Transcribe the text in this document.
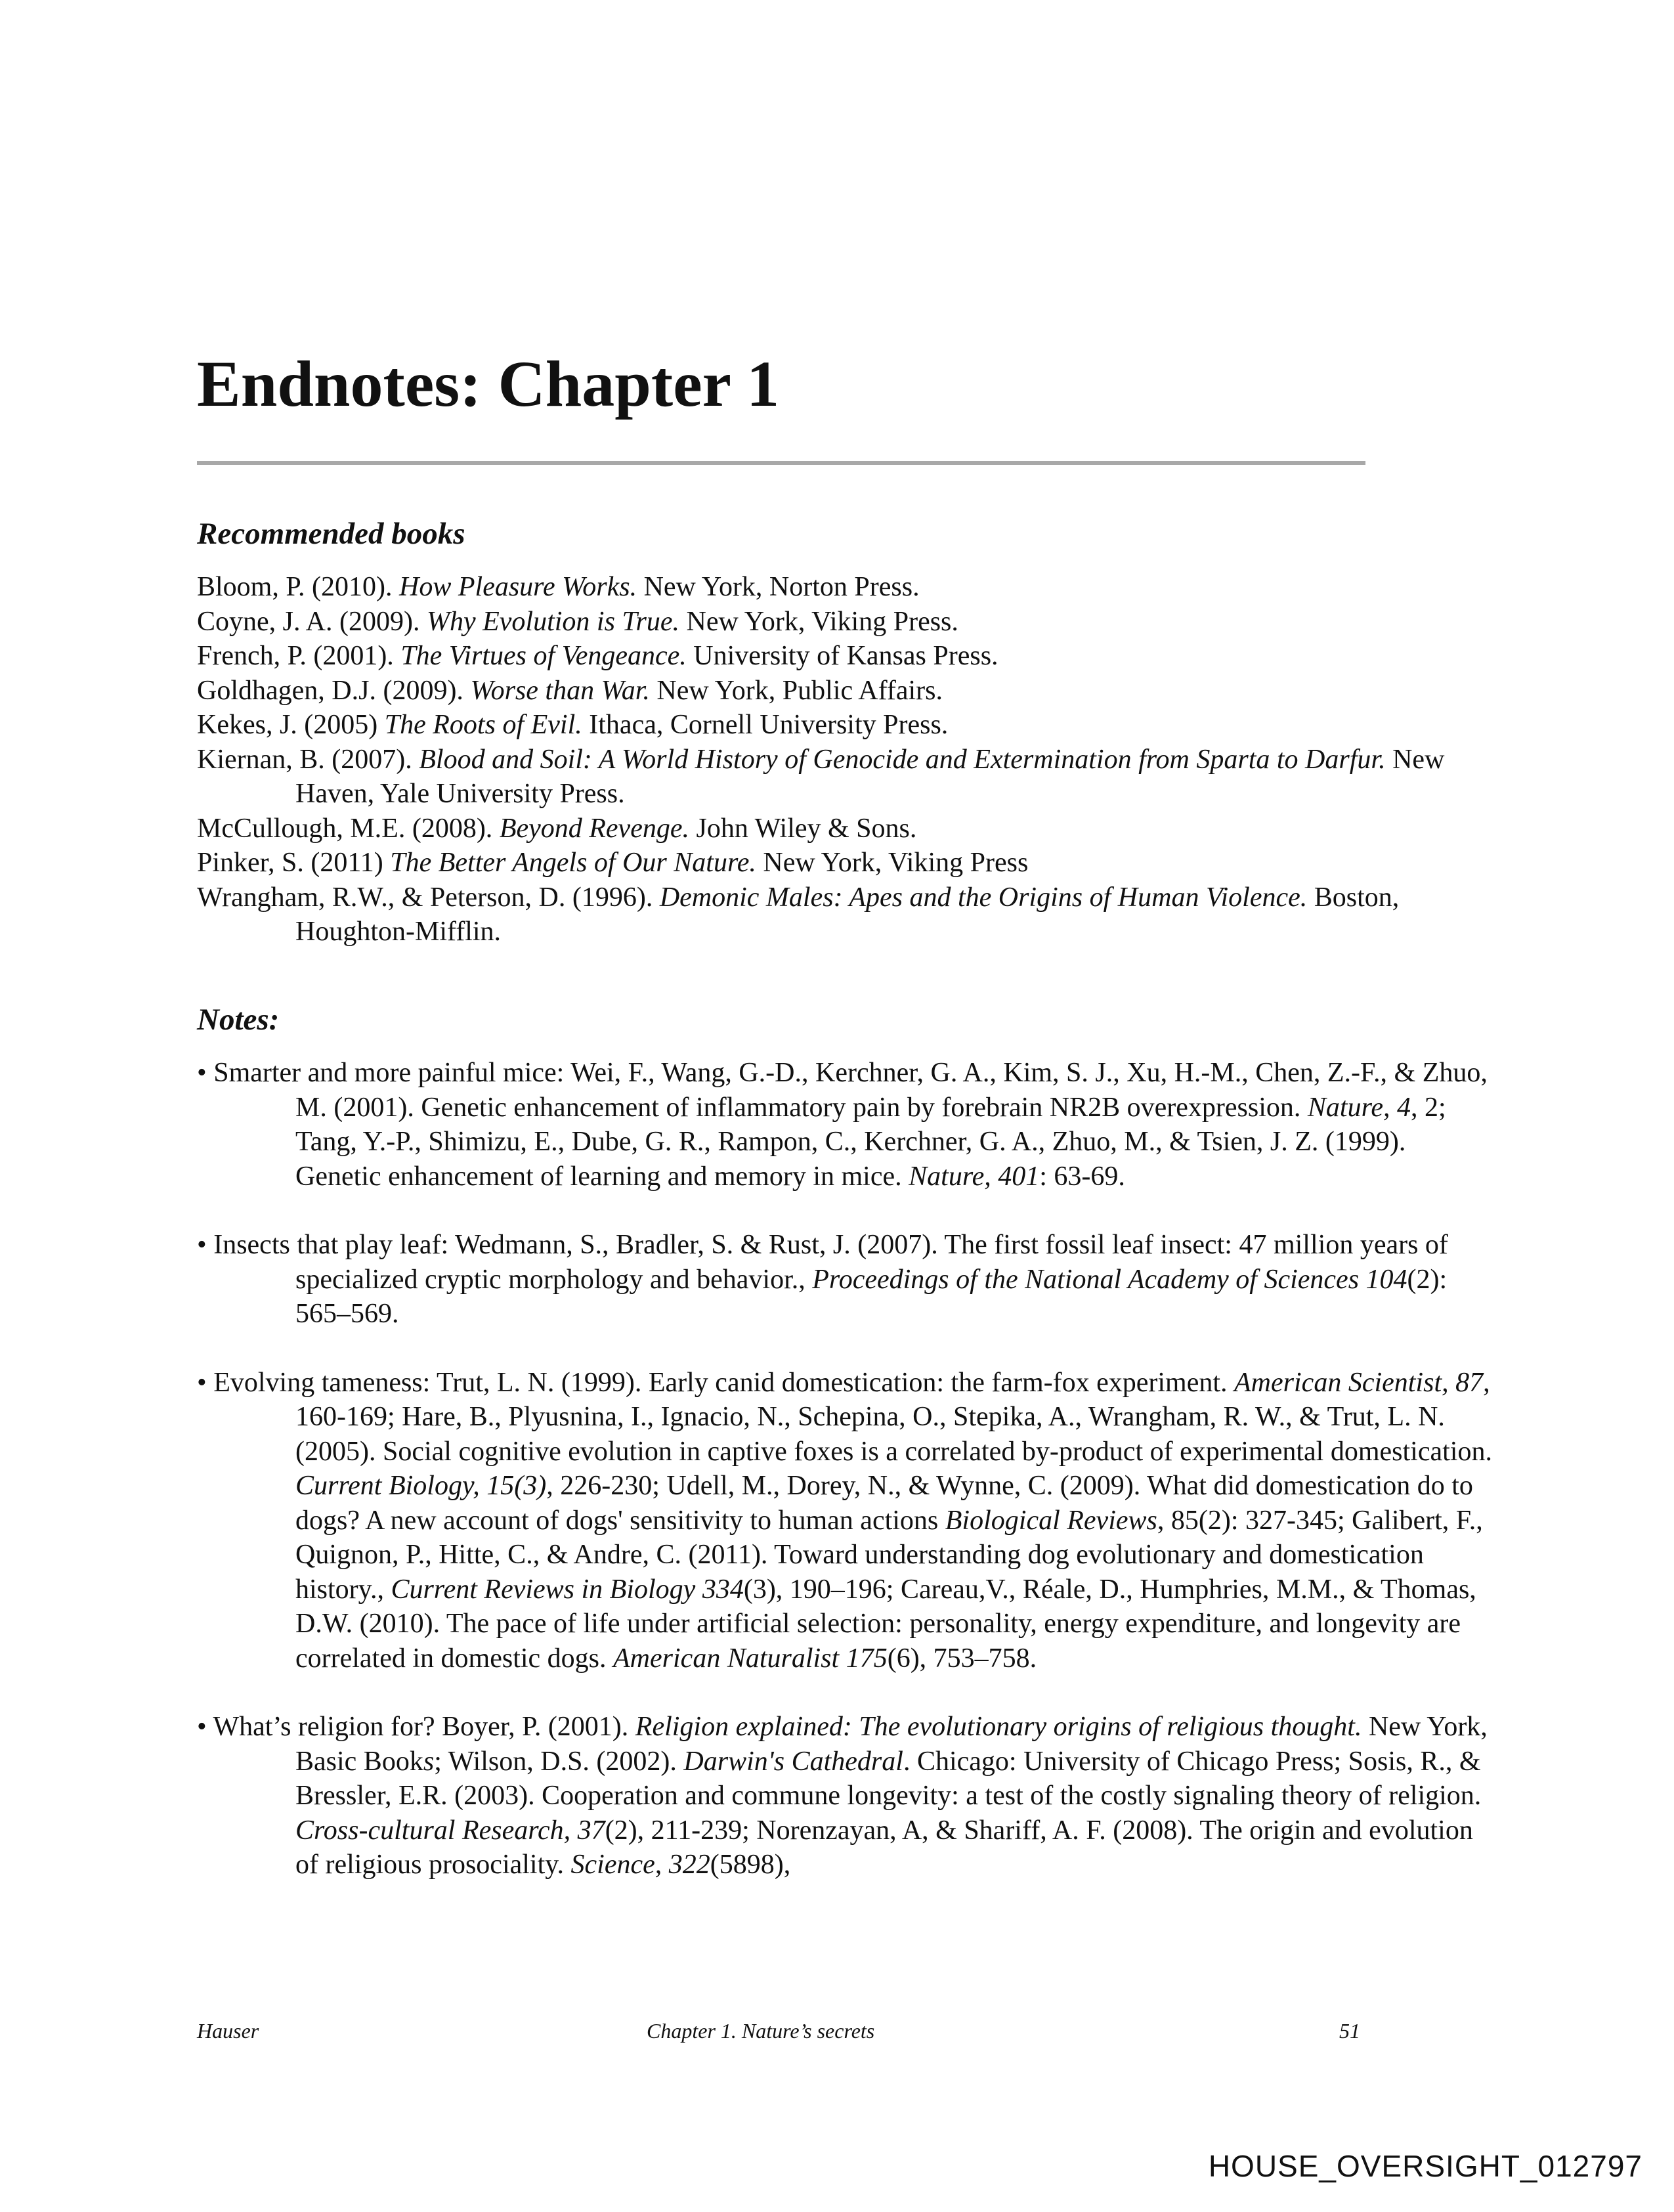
Endnotes: Chapter 1
Recommended books
Bloom, P. (2010). How Pleasure Works. New York, Norton Press.
Coyne, J. A. (2009). Why Evolution is True. New York, Viking Press.
French, P. (2001). The Virtues of Vengeance. University of Kansas Press.
Goldhagen, D.J. (2009). Worse than War. New York, Public Affairs.
Kekes, J. (2005) The Roots of Evil. Ithaca, Cornell University Press.
Kiernan, B. (2007). Blood and Soil: A World History of Genocide and Extermination from Sparta to Darfur. New Haven, Yale University Press.
McCullough, M.E. (2008). Beyond Revenge. John Wiley & Sons.
Pinker, S. (2011) The Better Angels of Our Nature. New York, Viking Press
Wrangham, R.W., & Peterson, D. (1996). Demonic Males: Apes and the Origins of Human Violence. Boston, Houghton-Mifflin.
Notes:
• Smarter and more painful mice: Wei, F., Wang, G.-D., Kerchner, G. A., Kim, S. J., Xu, H.-M., Chen, Z.-F., & Zhuo, M. (2001). Genetic enhancement of inflammatory pain by forebrain NR2B overexpression. Nature, 4, 2; Tang, Y.-P., Shimizu, E., Dube, G. R., Rampon, C., Kerchner, G. A., Zhuo, M., & Tsien, J. Z. (1999). Genetic enhancement of learning and memory in mice. Nature, 401: 63-69.
• Insects that play leaf: Wedmann, S., Bradler, S. & Rust, J. (2007). The first fossil leaf insect: 47 million years of specialized cryptic morphology and behavior., Proceedings of the National Academy of Sciences 104(2): 565–569.
• Evolving tameness: Trut, L. N. (1999). Early canid domestication: the farm-fox experiment. American Scientist, 87, 160-169; Hare, B., Plyusnina, I., Ignacio, N., Schepina, O., Stepika, A., Wrangham, R. W., & Trut, L. N. (2005). Social cognitive evolution in captive foxes is a correlated by-product of experimental domestication. Current Biology, 15(3), 226-230; Udell, M., Dorey, N., & Wynne, C. (2009). What did domestication do to dogs? A new account of dogs' sensitivity to human actions Biological Reviews, 85(2): 327-345; Galibert, F., Quignon, P., Hitte, C., & Andre, C. (2011). Toward understanding dog evolutionary and domestication history., Current Reviews in Biology 334(3), 190–196; Careau,V., Réale, D., Humphries, M.M., & Thomas, D.W. (2010). The pace of life under artificial selection: personality, energy expenditure, and longevity are correlated in domestic dogs. American Naturalist 175(6), 753–758.
• What’s religion for? Boyer, P. (2001). Religion explained: The evolutionary origins of religious thought. New York, Basic Books; Wilson, D.S. (2002). Darwin's Cathedral. Chicago: University of Chicago Press; Sosis, R., & Bressler, E.R. (2003). Cooperation and commune longevity: a test of the costly signaling theory of religion. Cross-cultural Research, 37(2), 211-239; Norenzayan, A, & Shariff, A. F. (2008). The origin and evolution of religious prosociality. Science, 322(5898),
Hauser	Chapter 1. Nature’s secrets	51
HOUSE_OVERSIGHT_012797
